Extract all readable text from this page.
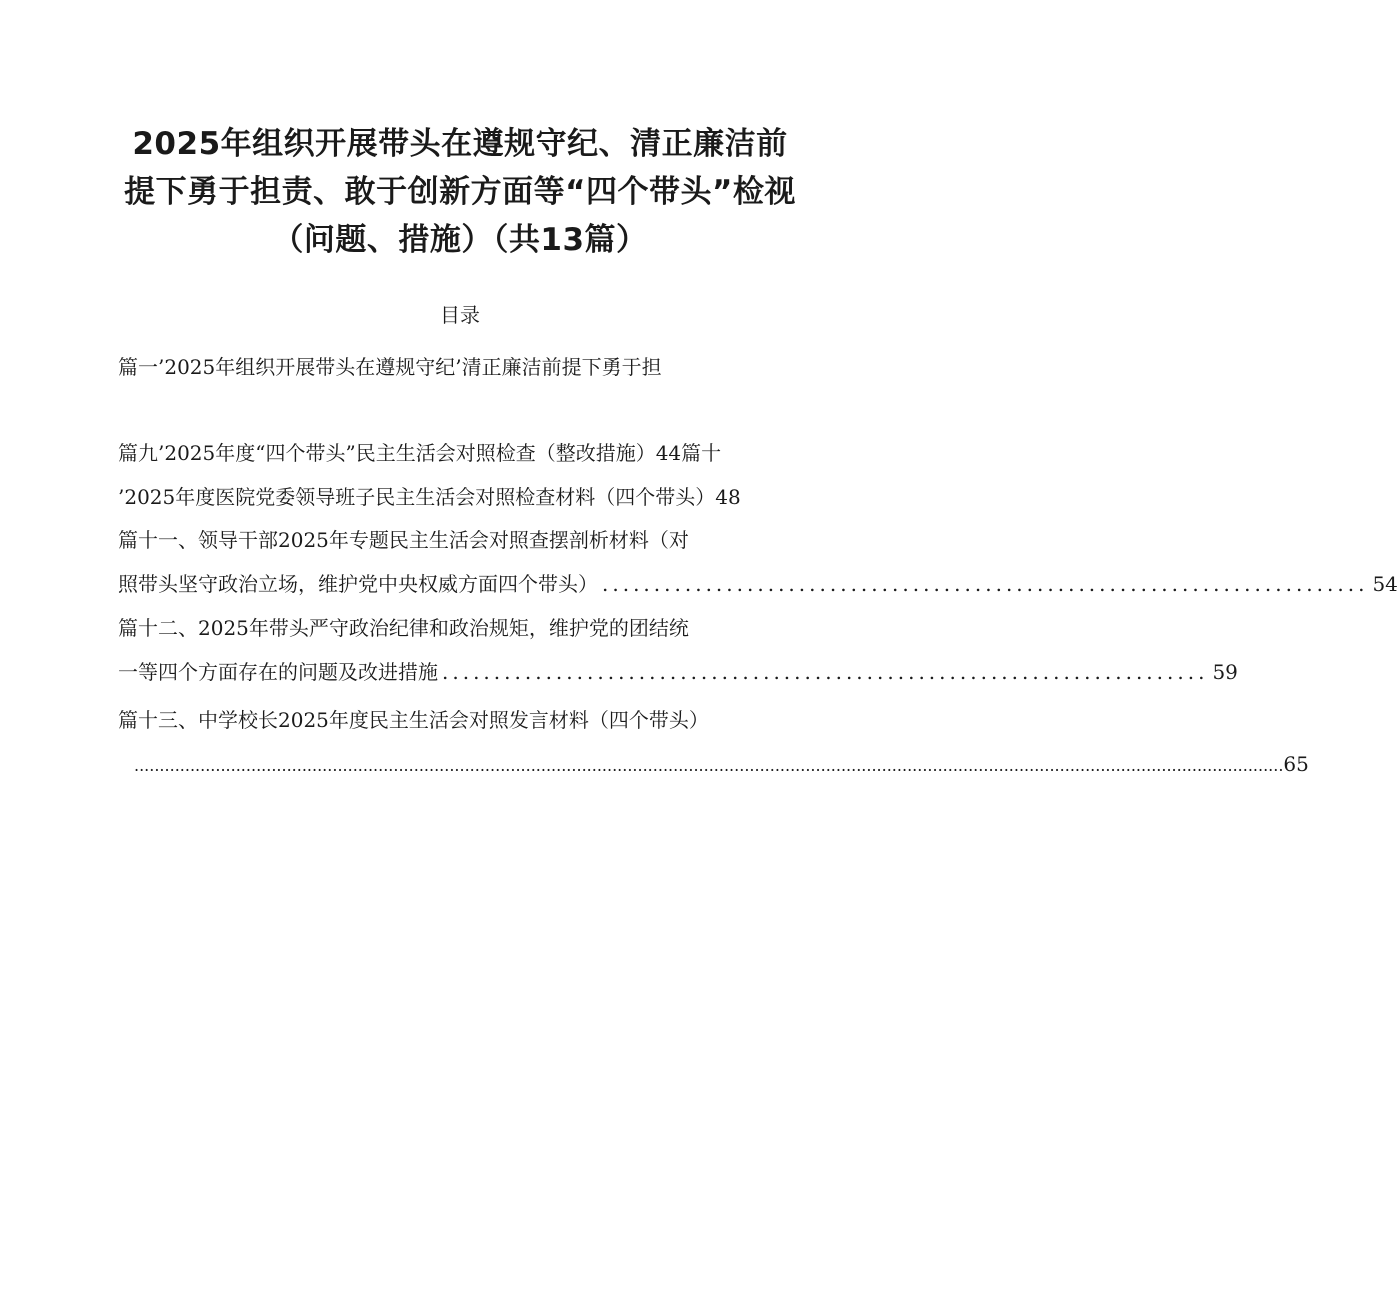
2025年组织开展带头在遵规守纪、清正廉洁前
提下勇于担责、敢于创新方面等“四个带头”检视
（问题、措施）（共13篇）
目录
篇一’2025年组织开展带头在遵规守纪’清正廉洁前提下勇于担
篇九’2025年度“四个带头”民主生活会对照检查（整改措施）44篇十
’2025年度医院党委领导班子民主生活会对照检查材料（四个带头）48
篇十一、领导干部2025年专题民主生活会对照查摆剖析材料（对
照带头坚守政治立场，维护党中央权威方面四个带头） .......................................................................... 54
篇十二、2025年带头严守政治纪律和政治规矩，维护党的团结统
一等四个方面存在的问题及改进措施 .......................................................................... 59
篇十三、中学校长2025年度民主生活会对照发言材料（四个带头）
.................................................................................................................................................................................................................................. 65
